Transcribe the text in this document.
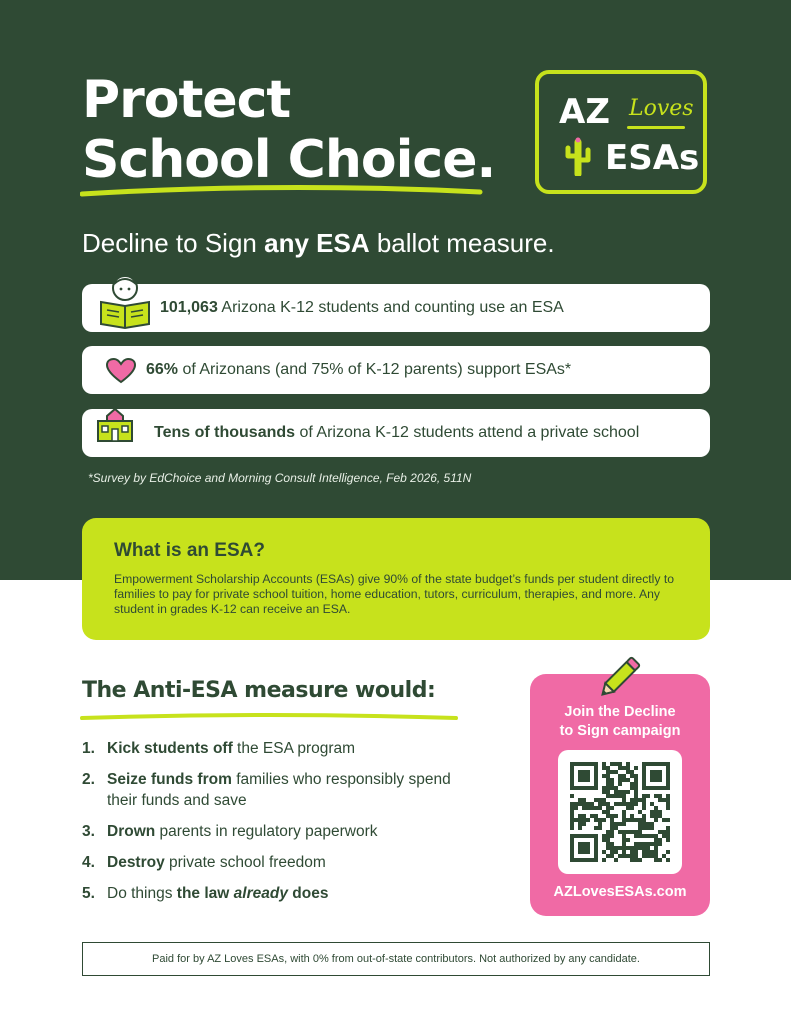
Protect
School Choice.
AZ Loves
ESAs
Decline to Sign any ESA ballot measure.
101,063 Arizona K-12 students and counting use an ESA
66% of Arizonans (and 75% of K-12 parents) support ESAs*
Tens of thousands of Arizona K-12 students attend a private school
*Survey by EdChoice and Morning Consult Intelligence, Feb 2026, 511N
What is an ESA?

Empowerment Scholarship Accounts (ESAs) give 90% of the state budget’s funds per student directly to families to pay for private school tuition, home education, tutors, curriculum, therapies, and more. Any student in grades K-12 can receive an ESA.

The Anti-ESA measure would:
1. Kick students off the ESA program
2. Seize funds from families who responsibly spend their funds and save
3. Drown parents in regulatory paperwork
4. Destroy private school freedom
5. Do things the law already does
Join the Decline
to Sign campaign
AZLovesESAs.com
Paid for by AZ Loves ESAs, with 0% from out-of-state contributors. Not authorized by any candidate.
